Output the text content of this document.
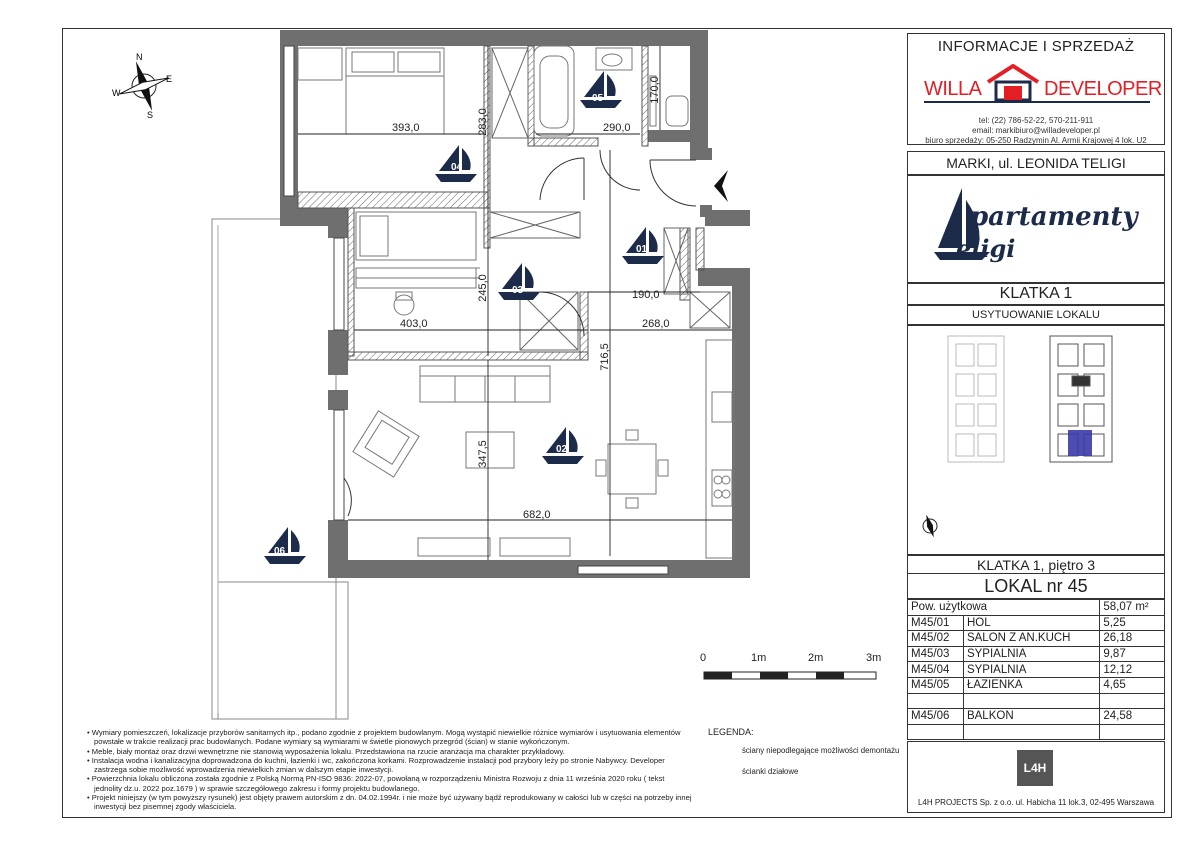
393,0	283,0	290,0
170,0
245,0	190,0
403,0	268,0
716,5
347,5
682,0
04
05
01
03
02
06
N
E
S
W
0	1m	2m	3m
LEGENDA:
ściany niepodlegające możliwości demontażu
ścianki działowe
• Wymiary pomieszczeń, lokalizacje przyborów sanitarnych itp., podano zgodnie z projektem budowlanym. Mogą wystąpić niewielkie różnice wymiarów i usytuowania elementów powstałe w trakcie realizacji prac budowlanych. Podane wymiary są wymiarami w świetle pionowych przegród (ścian) w stanie wykończonym.
• Meble, biały montaż oraz drzwi wewnętrzne nie stanowią wyposażenia lokalu. Przedstawiona na rzucie aranżacja ma charakter przykładowy.
• Instalacja wodna i kanalizacyjna doprowadzona do kuchni, łazienki i wc, zakończona korkami. Rozprowadzenie instalacji pod przybory leży po stronie Nabywcy. Developer zastrzega sobie możliwość wprowadzenia niewielkich zmian w dalszym etapie inwestycji.
• Powierzchnia lokalu obliczona została zgodnie z Polską Normą PN-ISO 9836: 2022-07, powołaną w rozporządzeniu Ministra Rozwoju z dnia 11 września 2020 roku ( tekst jednolity dz.u. 2022 poz.1679 ) w sprawie szczegółowego zakresu i formy projektu budowlanego.
• Projekt niniejszy (w tym powyższy rysunek) jest objęty prawem autorskim z dn. 04.02.1994r. i nie może być używany bądź reprodukowany w całości lub w części na potrzeby innej inwestycji bez pisemnej zgody właściciela.
INFORMACJE I SPRZEDAŻ
WILLA	DEVELOPER
tel: (22) 786-52-22, 570-211-911
email: markibiuro@willadeveloper.pl
biuro sprzedaży: 05-250 Radzymin Al. Armii Krajowej 4 lok. U2
MARKI, ul. LEONIDA TELIGI
partamenty
eligi
KLATKA 1
USYTUOWANIE LOKALU
KLATKA 1, piętro 3
LOKAL nr 45
Pow. użytkowa		58,07 m²
M45/01	HOL	5,25
M45/02	SALON Z AN.KUCH	26,18
M45/03	SYPIALNIA	9,87
M45/04	SYPIALNIA	12,12
M45/05	ŁAZIENKA	4,65

M45/06	BALKON	24,58

L4H
L4H PROJECTS Sp. z o.o. ul. Habicha 11 lok.3, 02-495 Warszawa
